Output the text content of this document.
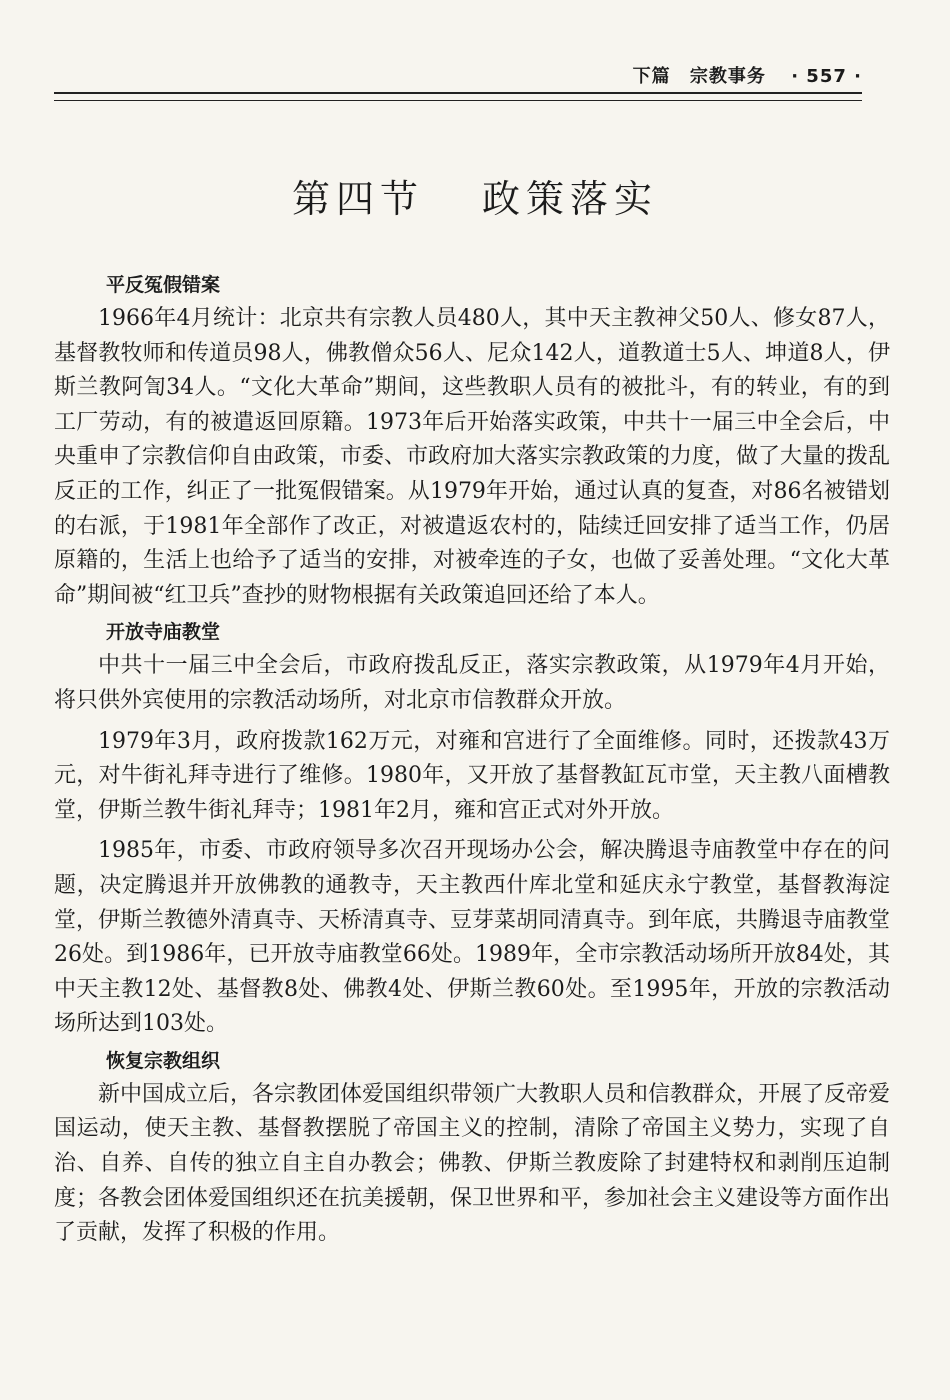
下篇 宗教事务 · 557 ·
第四节 政策落实
平反冤假错案

1966年4月统计：北京共有宗教人员480人，其中天主教神父50人、修女87人，基督教牧师和传道员98人，佛教僧众56人、尼众142人，道教道士5人、坤道8人，伊斯兰教阿訇34人。“文化大革命”期间，这些教职人员有的被批斗，有的转业，有的到工厂劳动，有的被遣返回原籍。1973年后开始落实政策，中共十一届三中全会后，中央重申了宗教信仰自由政策，市委、市政府加大落实宗教政策的力度，做了大量的拨乱反正的工作，纠正了一批冤假错案。从1979年开始，通过认真的复查，对86名被错划的右派，于1981年全部作了改正，对被遣返农村的，陆续迁回安排了适当工作，仍居原籍的，生活上也给予了适当的安排，对被牵连的子女，也做了妥善处理。“文化大革命”期间被“红卫兵”查抄的财物根据有关政策追回还给了本人。

开放寺庙教堂

中共十一届三中全会后，市政府拨乱反正，落实宗教政策，从1979年4月开始，将只供外宾使用的宗教活动场所，对北京市信教群众开放。

1979年3月，政府拨款162万元，对雍和宫进行了全面维修。同时，还拨款43万元，对牛街礼拜寺进行了维修。1980年，又开放了基督教缸瓦市堂，天主教八面槽教堂，伊斯兰教牛街礼拜寺；1981年2月，雍和宫正式对外开放。

1985年，市委、市政府领导多次召开现场办公会，解决腾退寺庙教堂中存在的问题，决定腾退并开放佛教的通教寺，天主教西什库北堂和延庆永宁教堂，基督教海淀堂，伊斯兰教德外清真寺、天桥清真寺、豆芽菜胡同清真寺。到年底，共腾退寺庙教堂26处。到1986年，已开放寺庙教堂66处。1989年，全市宗教活动场所开放84处，其中天主教12处、基督教8处、佛教4处、伊斯兰教60处。至1995年，开放的宗教活动场所达到103处。

恢复宗教组织

新中国成立后，各宗教团体爱国组织带领广大教职人员和信教群众，开展了反帝爱国运动，使天主教、基督教摆脱了帝国主义的控制，清除了帝国主义势力，实现了自治、自养、自传的独立自主自办教会；佛教、伊斯兰教废除了封建特权和剥削压迫制度；各教会团体爱国组织还在抗美援朝，保卫世界和平，参加社会主义建设等方面作出了贡献，发挥了积极的作用。
